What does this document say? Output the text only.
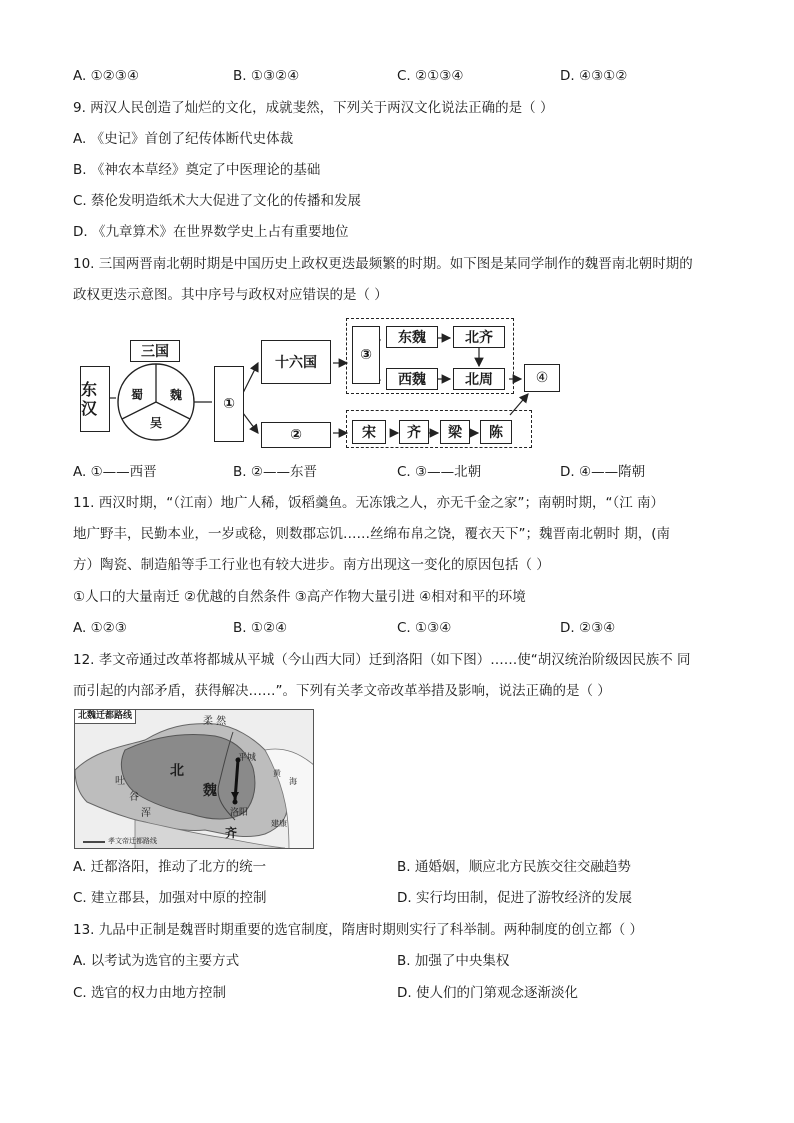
A. ①②③④	B. ①③②④	C. ②①③④	D. ④③①②
9. 两汉人民创造了灿烂的文化，成就斐然，下列关于两汉文化说法正确的是（ ）
A. 《史记》首创了纪传体断代史体裁
B. 《神农本草经》奠定了中医理论的基础
C. 蔡伦发明造纸术大大促进了文化的传播和发展
D. 《九章算术》在世界数学史上占有重要地位
10. 三国两晋南北朝时期是中国历史上政权更迭最频繁的时期。如下图是某同学制作的魏晋南北朝时期的
政权更迭示意图。其中序号与政权对应错误的是（ ）
东汉
三国
蜀 魏
吴
①
十六国
②
③
东魏	北齐
西魏	北周	④
宋 齐 梁 陈
A. ①——西晋	B. ②——东晋	C. ③——北朝	D. ④——隋朝
11. 西汉时期，“（江南）地广人稀，饭稻羹鱼。无冻饿之人，亦无千金之家”；南朝时期，“（江 南）
地广野丰，民勤本业，一岁或稔，则数郡忘饥……丝绵布帛之饶，覆衣天下”；魏晋南北朝时 期，(南
方）陶瓷、制造船等手工行业也有较大进步。南方出现这一变化的原因包括（ ）
①人口的大量南迁 ②优越的自然条件 ③高产作物大量引进 ④相对和平的环境
A. ①②③	B. ①②④	C. ①③④	D. ②③④
12. 孝文帝通过改革将都城从平城（今山西大同）迁到洛阳（如下图）……使“胡汉统治阶级因民族不 同
而引起的内部矛盾，获得解决……”。下列有关孝文帝改革举措及影响，说法正确的是（ ）
北魏迁都路线	柔 然
北
魏
平城
洛阳
吐
谷
浑
齐
建康
黄
海
孝文帝迁都路线
A. 迁都洛阳，推动了北方的统一	B. 通婚姻，顺应北方民族交往交融趋势
C. 建立郡县，加强对中原的控制	D. 实行均田制，促进了游牧经济的发展
13. 九品中正制是魏晋时期重要的选官制度，隋唐时期则实行了科举制。两种制度的创立都（ ）
A. 以考试为选官的主要方式	B. 加强了中央集权
C. 选官的权力由地方控制	D. 使人们的门第观念逐渐淡化
